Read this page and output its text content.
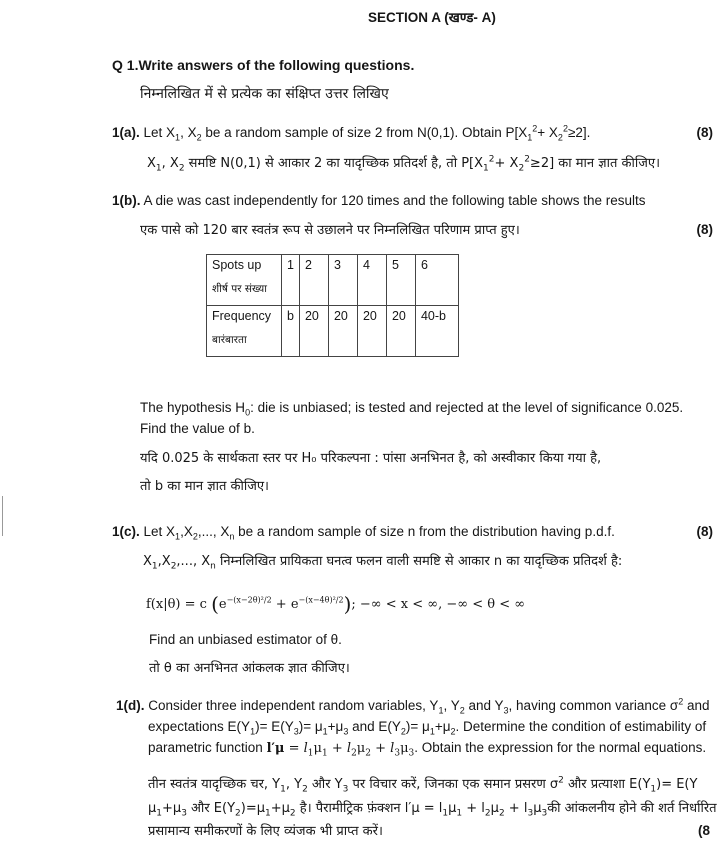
SECTION A (खण्ड- A)
Q 1.Write answers of the following questions.
निम्नलिखित में से प्रत्येक का संक्षिप्त उत्तर लिखिए
1(a). Let $X_1$, $X_2$ be a random sample of size 2 from N(0,1). Obtain $P[X_1^2+ X_2^2\ge 2]$.	(8)
$X_1$, $X_2$ समष्टि N(0,1) से आकार 2 का यादृच्छिक प्रतिदर्श है, तो $P[X_1^2+ X_2^2\ge 2]$ का मान ज्ञात कीजिए।
1(b). A die was cast independently for 120 times and the following table shows the results
एक पासे को 120 बार स्वतंत्र रूप से उछालने पर निम्नलिखित परिणाम प्राप्त हुए।	(8)
Spots up
शीर्ष पर संख्या	1	2	3	4	5	6
Frequency
बारंबारता	b	20	20	20	20	40-b
The hypothesis $H_0$: die is unbiased; is tested and rejected at the level of significance 0.025.
Find the value of b.
यदि 0.025 के सार्थकता स्तर पर H₀ परिकल्पना : पांसा अनभिनत है, को अस्वीकार किया गया है,
तो b का मान ज्ञात कीजिए।
1(c). Let $X_1,X_2$,..., $X_n$ be a random sample of size n from the distribution having p.d.f.	(8)
$X_1,X_2$,..., $X_n$ निम्नलिखित प्रायिकता घनत्व फलन वाली समष्टि से आकार n का यादृच्छिक प्रतिदर्श है:
f(x|θ) = c $(e^{-(x-2\theta)^2/2} + e^{-(x-4\theta)^2/2})$; −∞ < x < ∞, −∞ < θ < ∞
Find an unbiased estimator of θ.
तो θ का अनभिनत आंकलक ज्ञात कीजिए।
1(d). Consider three independent random variables, $Y_1$, $Y_2$ and $Y_3$, having common variance $\sigma^2$ and
expectations $E(Y_1)= E(Y_3)= \mu_1+\mu_3$ and $E(Y_2)= \mu_1+\mu_2$. Determine the condition of estimability of
parametric function $l'\mu = l_1\mu_1 + l_2\mu_2 + l_3\mu_3$. Obtain the expression for the normal equations.
तीन स्वतंत्र यादृच्छिक चर, $Y_1$, $Y_2$ और $Y_3$ पर विचार करें, जिनका एक समान प्रसरण $\sigma^2$ और प्रत्याशा $E(Y_1)= E(Y$
$\mu_1+\mu_3$ और $E(Y_2)=\mu_1+\mu_2$ है। पैरामीट्रिक फ़ंक्शन $l'\mu = l_1\mu_1 + l_2\mu_2$ + $l_3\mu_3की$ आंकलनीय होने की शर्त निर्धारित
प्रसामान्य समीकरणों के लिए व्यंजक भी प्राप्त करें।	(8
